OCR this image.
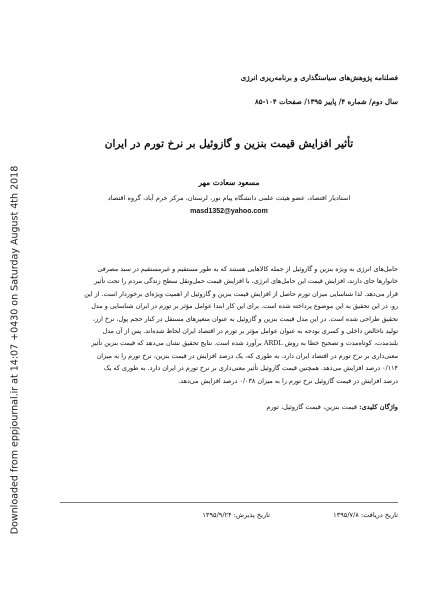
Downloaded from eppjournal.ir at 14:07 +0430 on Saturday August 4th 2018
فصلنامه پژوهش‌های سیاستگذاری و برنامه‌ریزی انرژی
سال دوم/ شماره ۴/ پاییز ۱۳۹۵/ صفحات ۱۰۴-۸۵
تأثیر افزایش قیمت بنزین و گازوئیل بر نرخ تورم در ایران
مسعود سعادت مهر
استادیار اقتصاد، عضو هیئت علمی دانشگاه پیام نور، لرستان، مرکز خرم آباد، گروه اقتصاد
masd1352@yahoo.com
حامل‌های انرژی به ویژه بنزین و گازوئیل از جمله کالاهایی هستند که به طور مستقیم و غیرمستقیم در سبد مصرفی
خانوارها جای دارند، افزایش قیمت این حامل‌های انرژی، با افزایش قیمت حمل‌ونقل سطح زندگی مردم را تحت تأثیر
قرار می‌دهد. لذا شناسایی میزان تورم حاصل از افزایش قیمت بنزین و گازوئیل از اهمیت ویژه‌ای برخوردار است. از این
رو، در این تحقیق به این موضوع پرداخته شده است. برای این کار ابتدا عوامل مؤثر بر تورم در ایران شناسایی و مدل
تحقیق طراحی شده است. در این مدل قیمت بنزین و گازوئیل به عنوان متغیرهای مستقل در کنار حجم پول، نرخ ارز،
تولید ناخالص داخلی و کسری بودجه به عنوان عوامل مؤثر بر تورم در اقتصاد ایران لحاظ شده‌اند. پس از آن مدل
بلندمدت، کوتاه‌مدت و تصحیح خطا به روش ARDL برآورد شده است. نتایج تحقیق نشان می‌دهد که قیمت بنزین تأثیر
معنی‌داری بر نرخ تورم در اقتصاد ایران دارد. به طوری که، یک درصد افزایش در قیمت بنزین، نرخ تورم را به میزان
۰/۱۱۴ درصد افزایش می‌دهد. همچنین قیمت گازوئیل تأثیر معنی‌داری بر نرخ تورم در ایران دارد. به طوری که یک
درصد افزایش در قیمت گازوئیل نرخ تورم را به میزان ۰/۰۳۸ درصد افزایش می‌دهد.
واژگان کلیدی: قیمت بنزین، قیمت گازوئیل، تورم
تاریخ دریافت: ۱۳۹۵/۷/۸
تاریخ پذیرش: ۱۳۹۵/۹/۲۴
